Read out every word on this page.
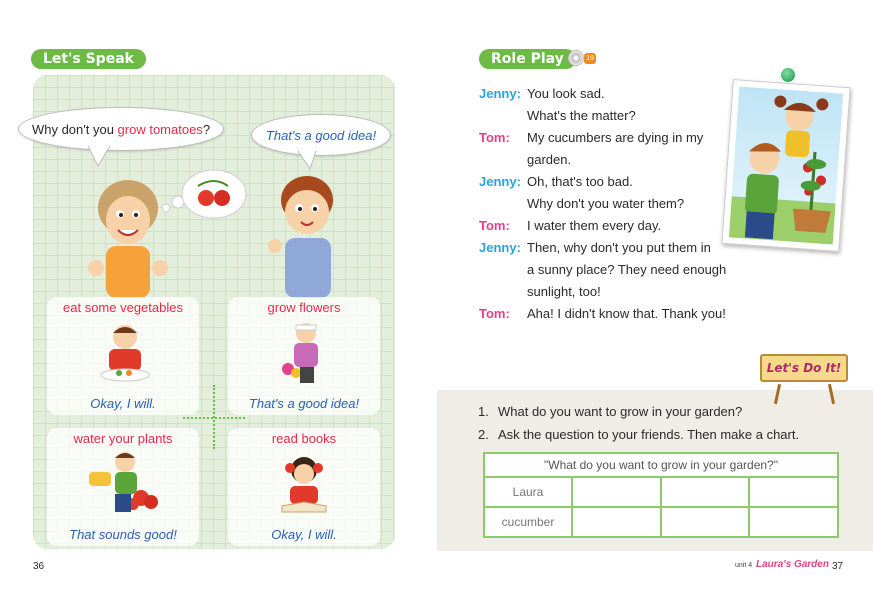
Let's Speak
Why don't you grow tomatoes?	That's a good idea!
eat some vegetables
Okay, I will.
grow flowers
That's a good idea!
water your plants
That sounds good!
read books
Okay, I will.
36
Role Play	19
Jenny: You look sad.
What's the matter?
Tom: My cucumbers are dying in my
garden.
Jenny: Oh, that's too bad.
Why don't you water them?
Tom: I water them every day.
Jenny: Then, why don't you put them in
a sunny place? They need enough
sunlight, too!
Tom: Aha! I didn't know that. Thank you!
Let's Do It!
1. What do you want to grow in your garden?
2. Ask the question to your friends. Then make a chart.
"What do you want to grow in your garden?"			
Laura			
cucumber			
unit 4 Laura's Garden 37
